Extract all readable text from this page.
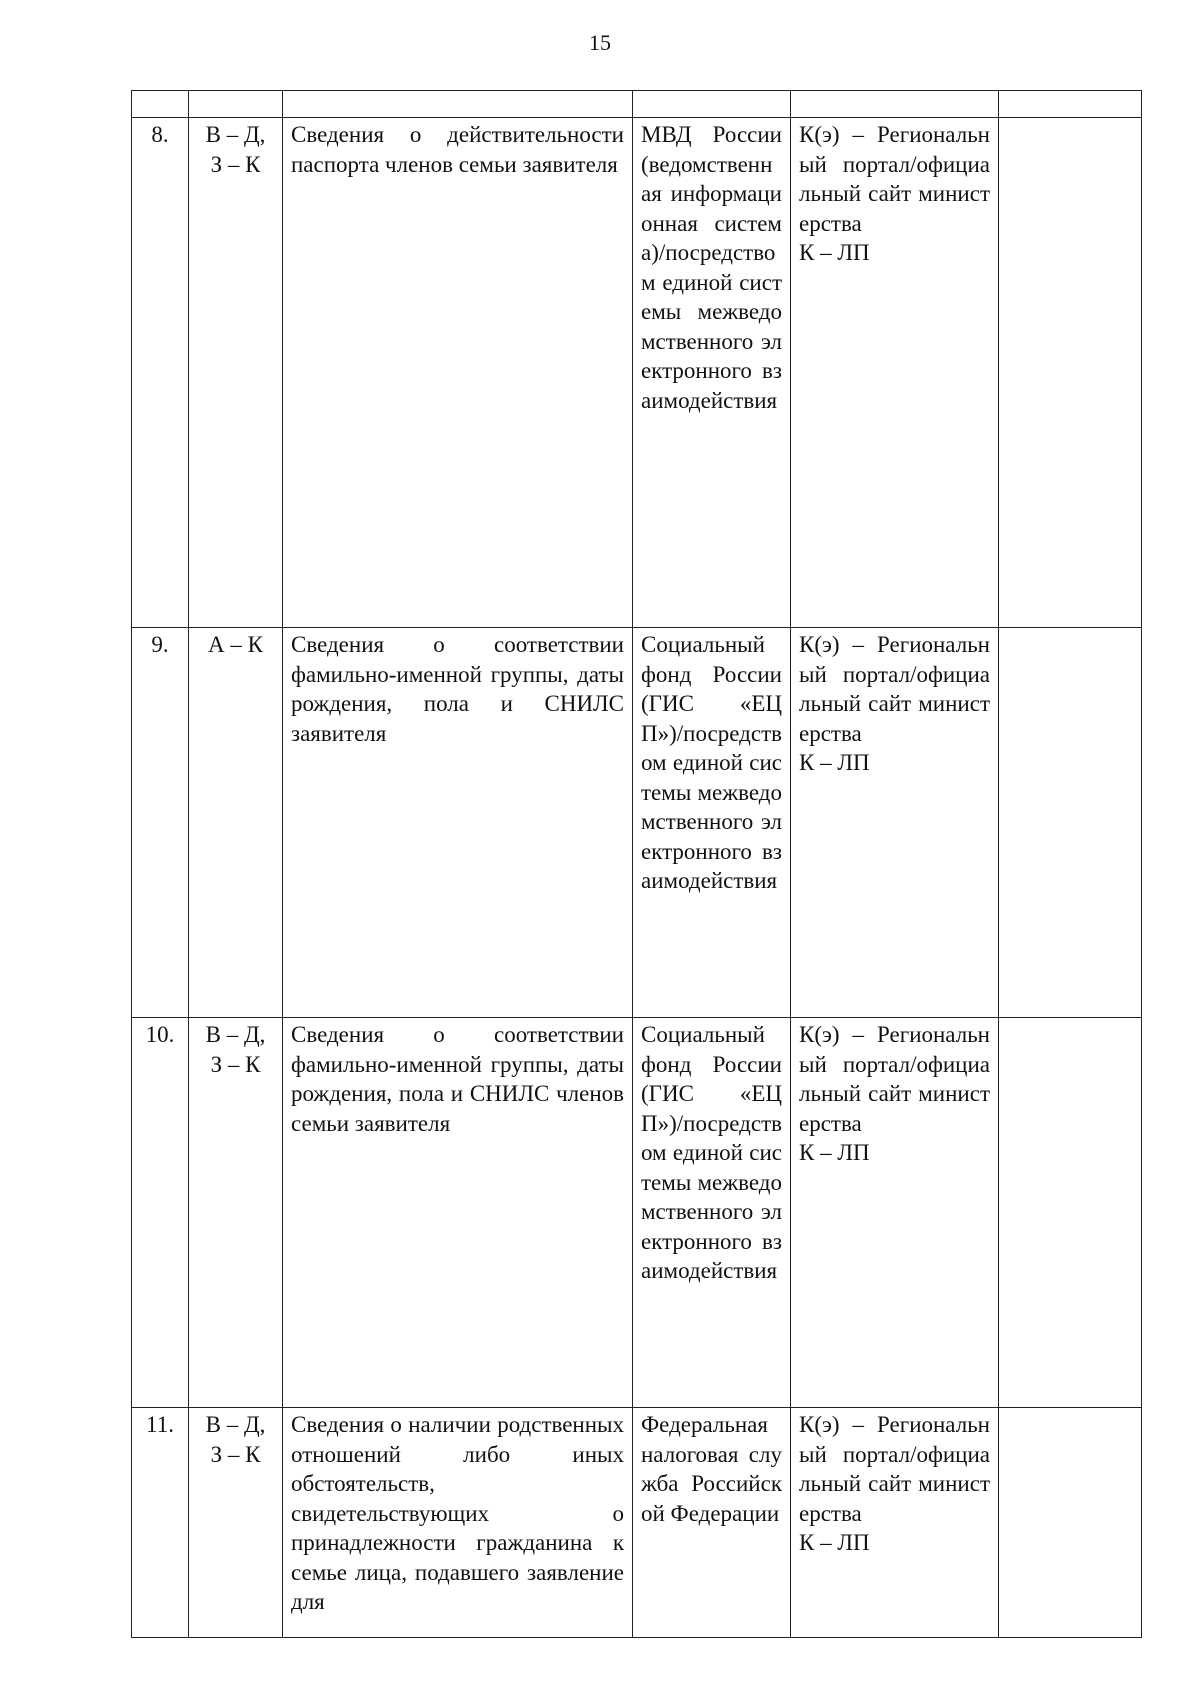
15

8.	В – Д,
З – К	Сведения о действительности паспорта членов семьи заявителя	МВД России (ведомственная информационная система)/посредством единой системы межведомственного электронного взаимодействия	К(э) – Региональный портал/официальный сайт министерства
К – ЛП	

9.	А – К	Сведения о соответствии фамильно-именной группы, даты рождения, пола и СНИЛС заявителя	Социальный фонд России (ГИС «ЕЦП»)/посредством единой системы межведомственного электронного взаимодействия	К(э) – Региональный портал/официальный сайт министерства
К – ЛП	

10.	В – Д,
З – К	Сведения о соответствии фамильно-именной группы, даты рождения, пола и СНИЛС членов семьи заявителя	Социальный фонд России (ГИС «ЕЦП»)/посредством единой системы межведомственного электронного взаимодействия	К(э) – Региональный портал/официальный сайт министерства
К – ЛП	

11.	В – Д,
З – К	Сведения о наличии родственных отношений либо иных обстоятельств, свидетельствующих о принадлежности гражданина к семье лица, подавшего заявление для	Федеральная налоговая служба Российской Федерации	К(э) – Региональный портал/официальный сайт министерства
К – ЛП	
